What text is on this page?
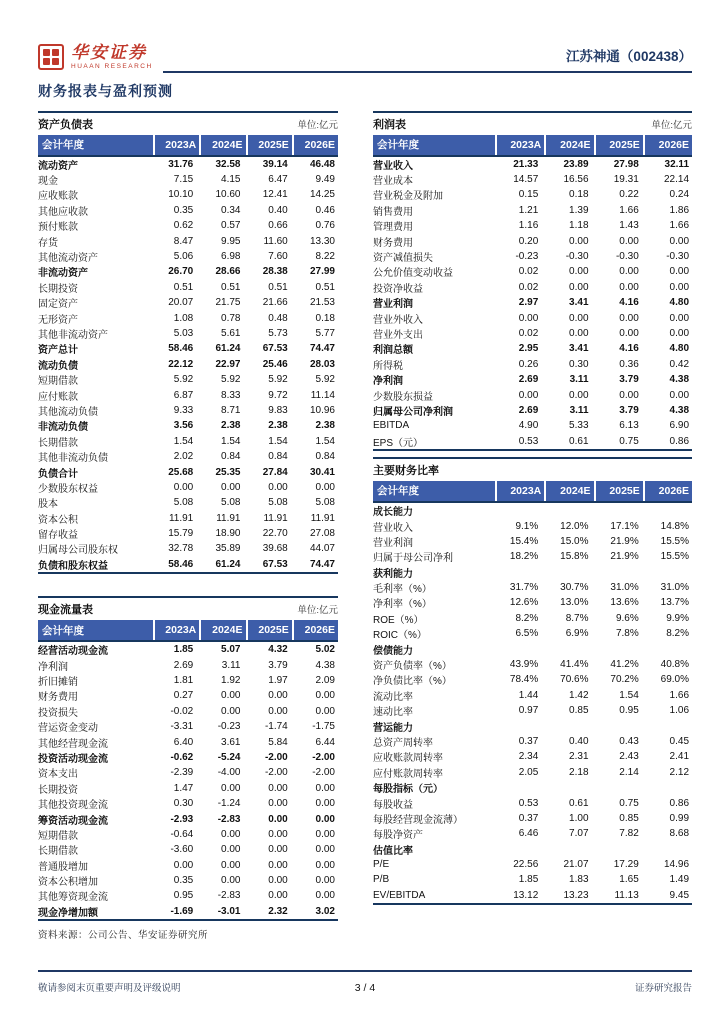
华安证券
HUAAN RESEARCH
江苏神通（002438）
财务报表与盈利预测
资产负债表	单位:亿元
会计年度	2023A	2024E	2025E	2026E
流动资产	31.76	32.58	39.14	46.48
现金	7.15	4.15	6.47	9.49
应收账款	10.10	10.60	12.41	14.25
其他应收款	0.35	0.34	0.40	0.46
预付账款	0.62	0.57	0.66	0.76
存货	8.47	9.95	11.60	13.30
其他流动资产	5.06	6.98	7.60	8.22
非流动资产	26.70	28.66	28.38	27.99
长期投资	0.51	0.51	0.51	0.51
固定资产	20.07	21.75	21.66	21.53
无形资产	1.08	0.78	0.48	0.18
其他非流动资产	5.03	5.61	5.73	5.77
资产总计	58.46	61.24	67.53	74.47
流动负债	22.12	22.97	25.46	28.03
短期借款	5.92	5.92	5.92	5.92
应付账款	6.87	8.33	9.72	11.14
其他流动负债	9.33	8.71	9.83	10.96
非流动负债	3.56	2.38	2.38	2.38
长期借款	1.54	1.54	1.54	1.54
其他非流动负债	2.02	0.84	0.84	0.84
负债合计	25.68	25.35	27.84	30.41
少数股东权益	0.00	0.00	0.00	0.00
股本	5.08	5.08	5.08	5.08
资本公积	11.91	11.91	11.91	11.91
留存收益	15.79	18.90	22.70	27.08
归属母公司股东权	32.78	35.89	39.68	44.07
负债和股东权益	58.46	61.24	67.53	74.47
现金流量表	单位:亿元
会计年度	2023A	2024E	2025E	2026E
经营活动现金流	1.85	5.07	4.32	5.02
净利润	2.69	3.11	3.79	4.38
折旧摊销	1.81	1.92	1.97	2.09
财务费用	0.27	0.00	0.00	0.00
投资损失	-0.02	0.00	0.00	0.00
营运资金变动	-3.31	-0.23	-1.74	-1.75
其他经营现金流	6.40	3.61	5.84	6.44
投资活动现金流	-0.62	-5.24	-2.00	-2.00
资本支出	-2.39	-4.00	-2.00	-2.00
长期投资	1.47	0.00	0.00	0.00
其他投资现金流	0.30	-1.24	0.00	0.00
筹资活动现金流	-2.93	-2.83	0.00	0.00
短期借款	-0.64	0.00	0.00	0.00
长期借款	-3.60	0.00	0.00	0.00
普通股增加	0.00	0.00	0.00	0.00
资本公积增加	0.35	0.00	0.00	0.00
其他筹资现金流	0.95	-2.83	0.00	0.00
现金净增加额	-1.69	-3.01	2.32	3.02
资料来源：公司公告、华安证券研究所
利润表	单位:亿元
会计年度	2023A	2024E	2025E	2026E
营业收入	21.33	23.89	27.98	32.11
营业成本	14.57	16.56	19.31	22.14
营业税金及附加	0.15	0.18	0.22	0.24
销售费用	1.21	1.39	1.66	1.86
管理费用	1.16	1.18	1.43	1.66
财务费用	0.20	0.00	0.00	0.00
资产减值损失	-0.23	-0.30	-0.30	-0.30
公允价值变动收益	0.02	0.00	0.00	0.00
投资净收益	0.02	0.00	0.00	0.00
营业利润	2.97	3.41	4.16	4.80
营业外收入	0.00	0.00	0.00	0.00
营业外支出	0.02	0.00	0.00	0.00
利润总额	2.95	3.41	4.16	4.80
所得税	0.26	0.30	0.36	0.42
净利润	2.69	3.11	3.79	4.38
少数股东损益	0.00	0.00	0.00	0.00
归属母公司净利润	2.69	3.11	3.79	4.38
EBITDA	4.90	5.33	6.13	6.90
EPS（元）	0.53	0.61	0.75	0.86
主要财务比率
会计年度	2023A	2024E	2025E	2026E
成长能力
营业收入	9.1%	12.0%	17.1%	14.8%
营业利润	15.4%	15.0%	21.9%	15.5%
归属于母公司净利	18.2%	15.8%	21.9%	15.5%
获利能力
毛利率（%）	31.7%	30.7%	31.0%	31.0%
净利率（%）	12.6%	13.0%	13.6%	13.7%
ROE（%）	8.2%	8.7%	9.6%	9.9%
ROIC（%）	6.5%	6.9%	7.8%	8.2%
偿债能力
资产负债率（%）	43.9%	41.4%	41.2%	40.8%
净负债比率（%）	78.4%	70.6%	70.2%	69.0%
流动比率	1.44	1.42	1.54	1.66
速动比率	0.97	0.85	0.95	1.06
营运能力
总资产周转率	0.37	0.40	0.43	0.45
应收账款周转率	2.34	2.31	2.43	2.41
应付账款周转率	2.05	2.18	2.14	2.12
每股指标（元）
每股收益	0.53	0.61	0.75	0.86
每股经营现金流薄）	0.37	1.00	0.85	0.99
每股净资产	6.46	7.07	7.82	8.68
估值比率
P/E	22.56	21.07	17.29	14.96
P/B	1.85	1.83	1.65	1.49
EV/EBITDA	13.12	13.23	11.13	9.45
敬请参阅末页重要声明及评级说明	3 / 4	证券研究报告
